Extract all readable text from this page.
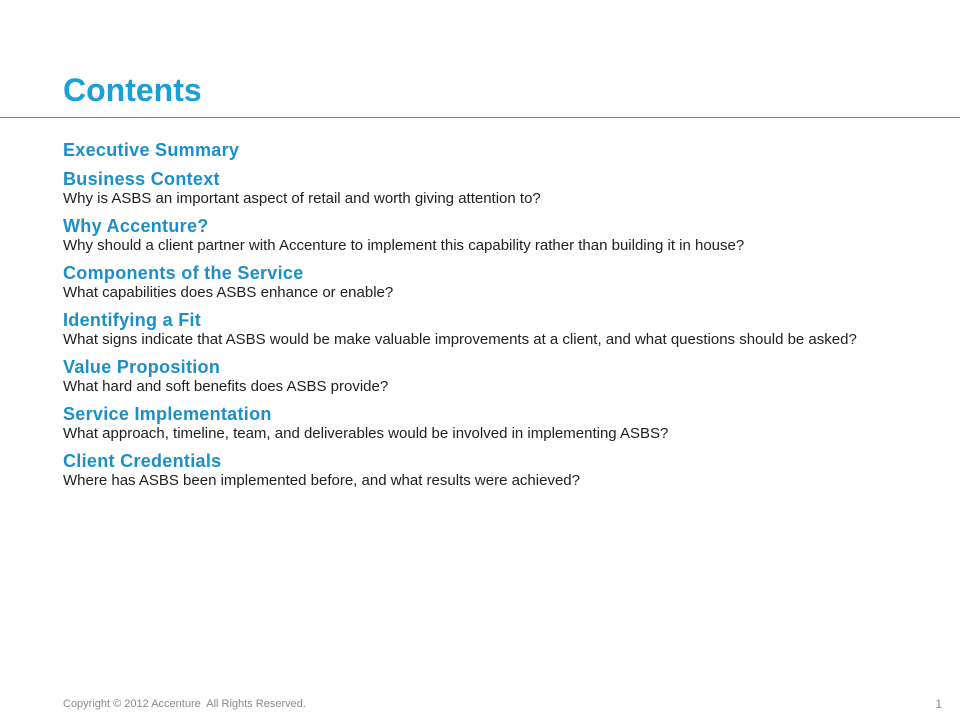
Contents
Executive Summary
Business Context
Why is ASBS an important aspect of retail and worth giving attention to?
Why Accenture?
Why should a client partner with Accenture to implement this capability rather than building it in house?
Components of the Service
What capabilities does ASBS enhance or enable?
Identifying a Fit
What signs indicate that ASBS would be make valuable improvements at a client, and what questions should be asked?
Value Proposition
What hard and soft benefits does ASBS provide?
Service Implementation
What approach, timeline, team, and deliverables would be involved in implementing ASBS?
Client Credentials
Where has ASBS been implemented before, and what results were achieved?
Copyright © 2012 Accenture  All Rights Reserved.	1
